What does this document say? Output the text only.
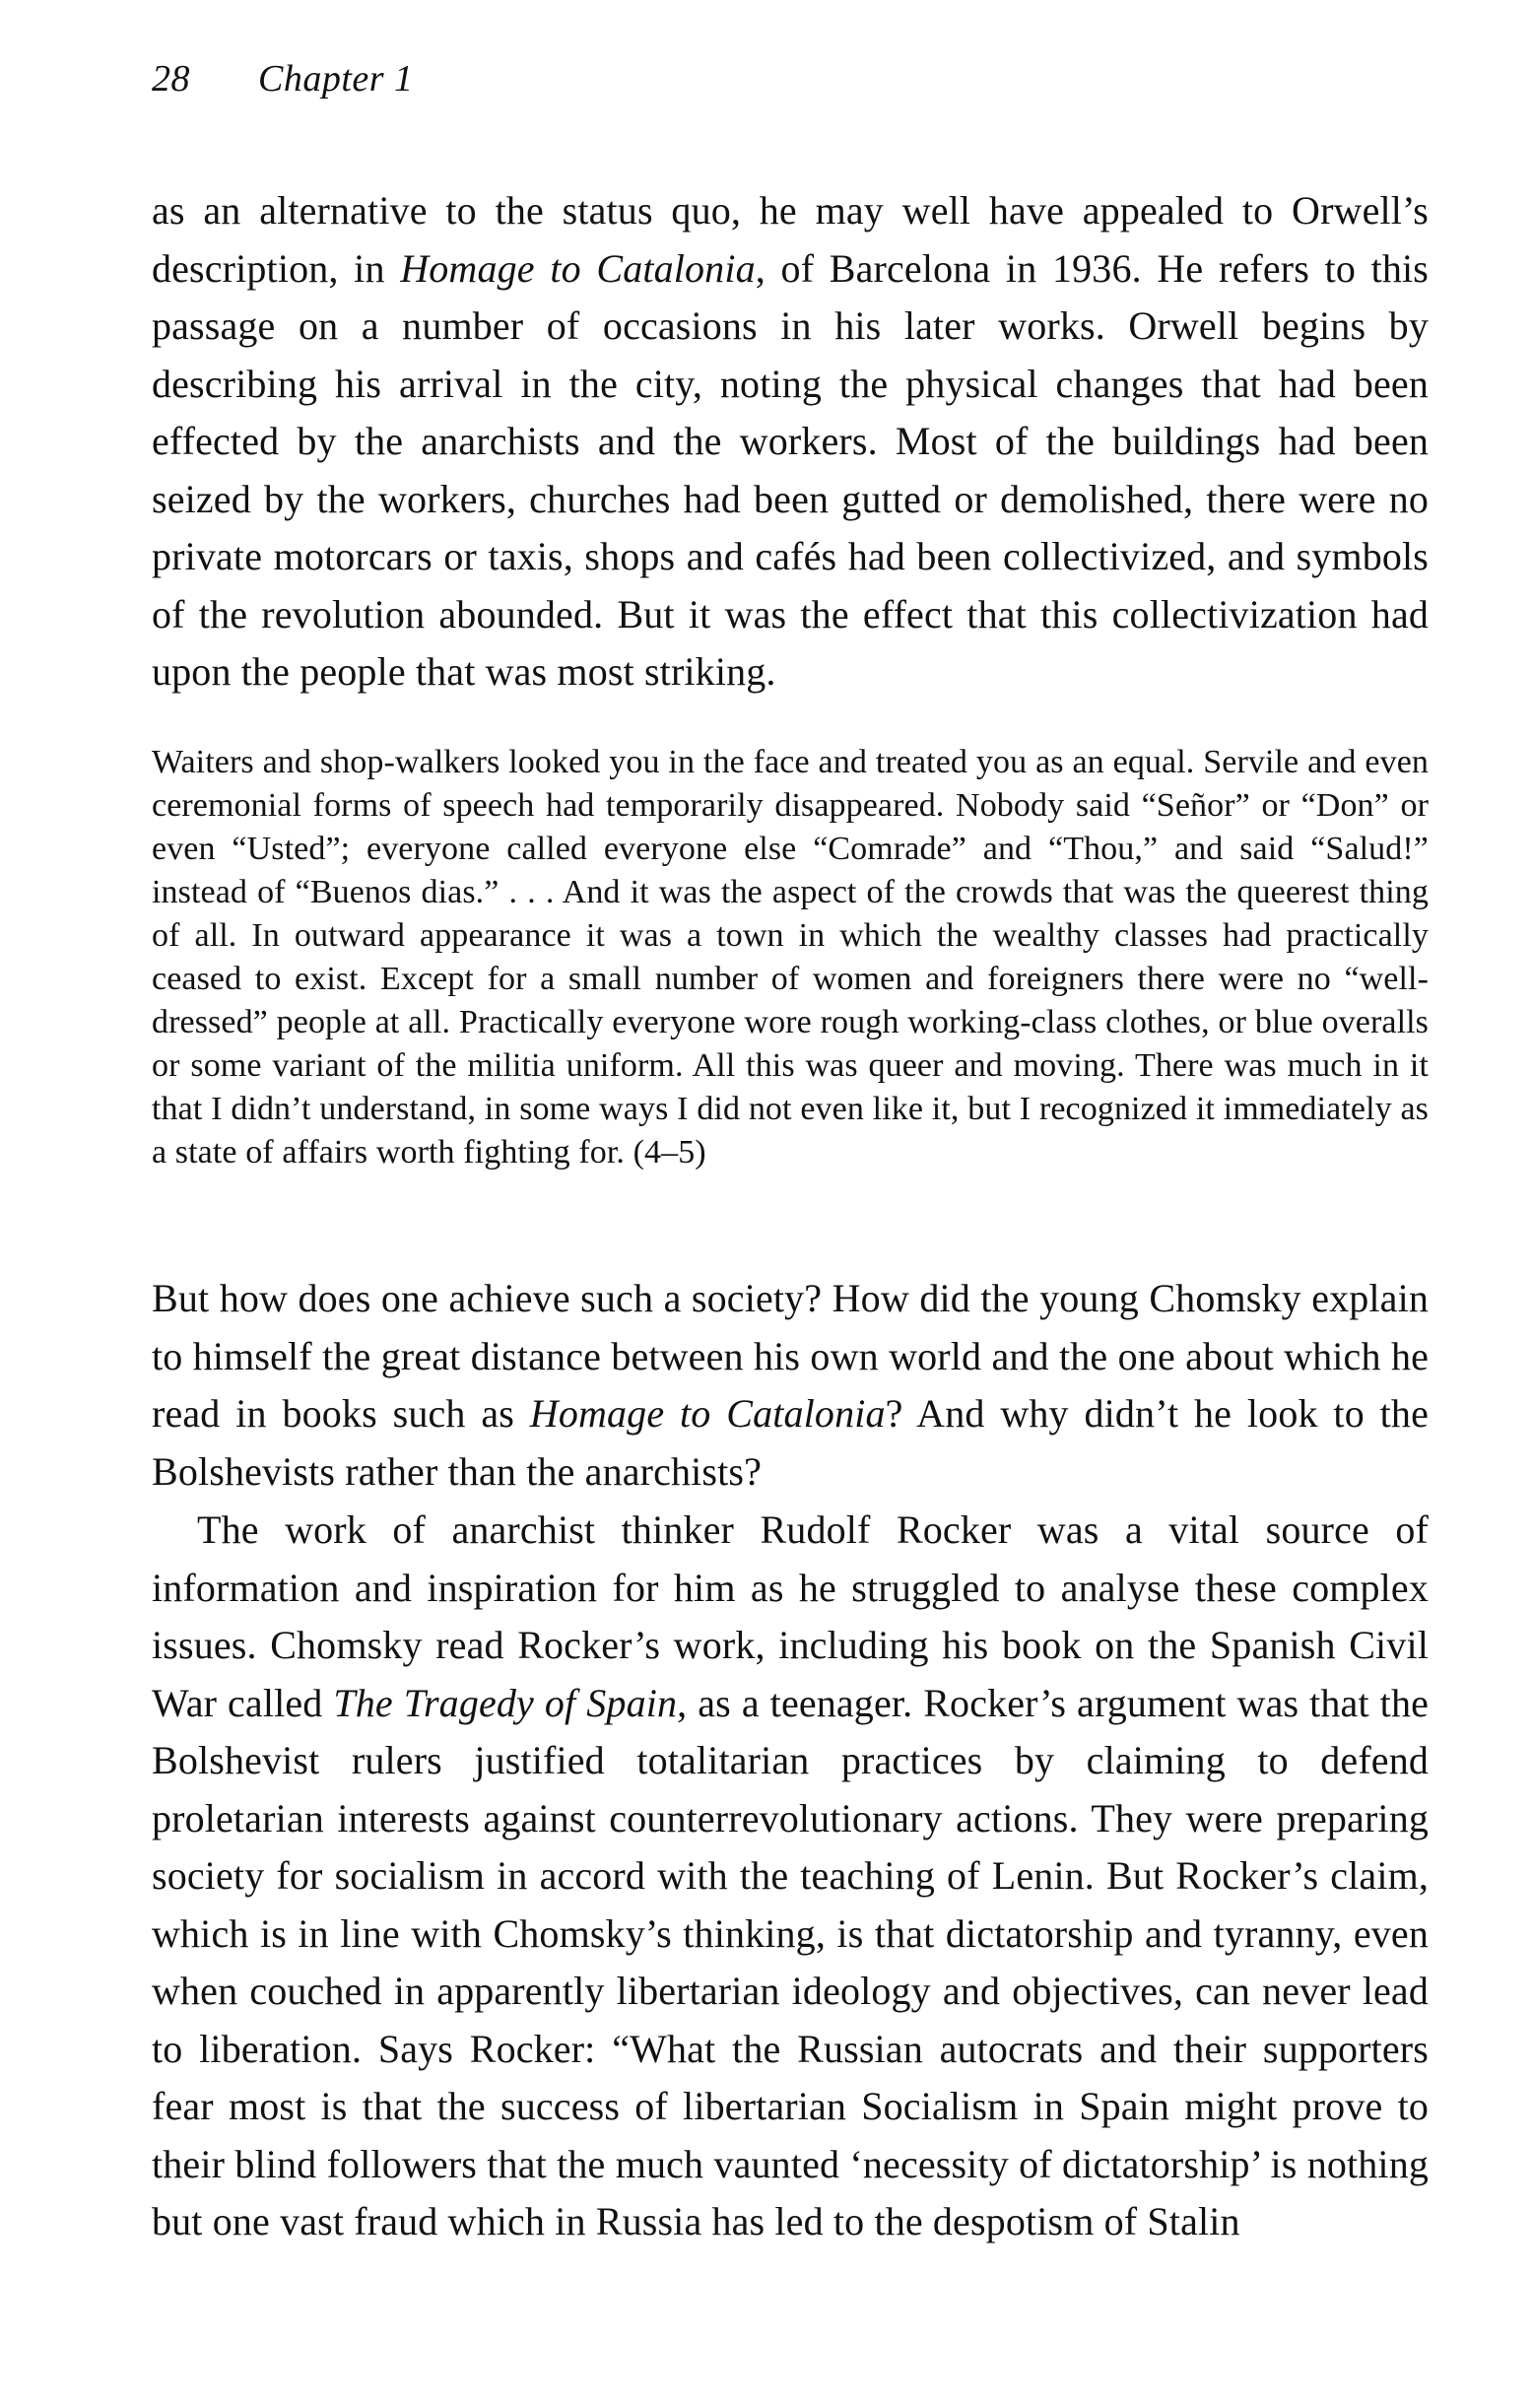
28 Chapter 1

as an alternative to the status quo, he may well have appealed to Orwell’s description, in Homage to Catalonia, of Barcelona in 1936. He refers to this passage on a number of occasions in his later works. Orwell begins by describing his arrival in the city, noting the physical changes that had been effected by the anarchists and the workers. Most of the buildings had been seized by the workers, churches had been gutted or demolished, there were no private motorcars or taxis, shops and cafés had been collectivized, and symbols of the revolution abounded. But it was the effect that this collectivization had upon the people that was most striking.

Waiters and shop-walkers looked you in the face and treated you as an equal. Servile and even ceremonial forms of speech had temporarily disappeared. Nobody said “Señor” or “Don” or even “Usted”; everyone called everyone else “Comrade” and “Thou,” and said “Salud!” instead of “Buenos dias.” . . . And it was the aspect of the crowds that was the queerest thing of all. In outward appearance it was a town in which the wealthy classes had practically ceased to exist. Except for a small number of women and foreigners there were no “well-dressed” people at all. Practically everyone wore rough working-class clothes, or blue overalls or some variant of the militia uniform. All this was queer and moving. There was much in it that I didn’t understand, in some ways I did not even like it, but I recognized it immediately as a state of affairs worth fighting for. (4–5)

But how does one achieve such a society? How did the young Chomsky explain to himself the great distance between his own world and the one about which he read in books such as Homage to Catalonia? And why didn’t he look to the Bolshevists rather than the anarchists?

The work of anarchist thinker Rudolf Rocker was a vital source of information and inspiration for him as he struggled to analyse these complex issues. Chomsky read Rocker’s work, including his book on the Spanish Civil War called The Tragedy of Spain, as a teenager. Rocker’s argument was that the Bolshevist rulers justified totalitarian practices by claiming to defend proletarian interests against counterrevolutionary actions. They were preparing society for socialism in accord with the teaching of Lenin. But Rocker’s claim, which is in line with Chomsky’s thinking, is that dictatorship and tyranny, even when couched in apparently libertarian ideology and objectives, can never lead to liberation. Says Rocker: “What the Russian autocrats and their supporters fear most is that the success of libertarian Socialism in Spain might prove to their blind followers that the much vaunted ‘necessity of dictatorship’ is nothing but one vast fraud which in Russia has led to the despotism of Stalin
